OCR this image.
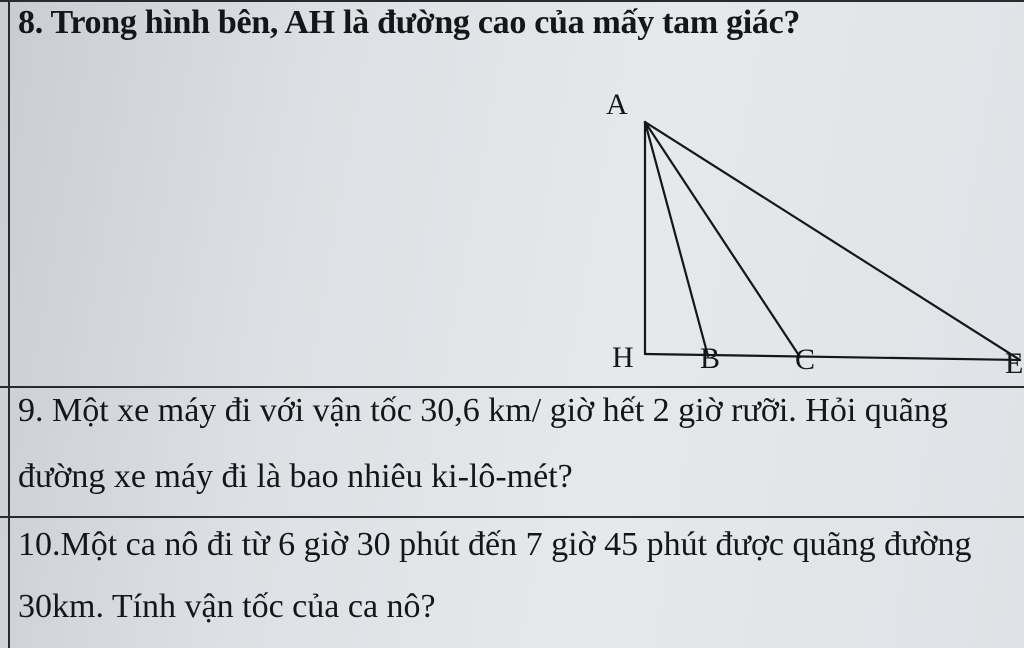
8. Trong hình bên, AH là đường cao của mấy tam giác?
A
H B C	E
9. Một xe máy đi với vận tốc 30,6 km/ giờ hết 2 giờ rưỡi. Hỏi quãng
đường xe máy đi là bao nhiêu ki-lô-mét?
10.Một ca nô đi từ 6 giờ 30 phút đến 7 giờ 45 phút được quãng đường
30km. Tính vận tốc của ca nô?
